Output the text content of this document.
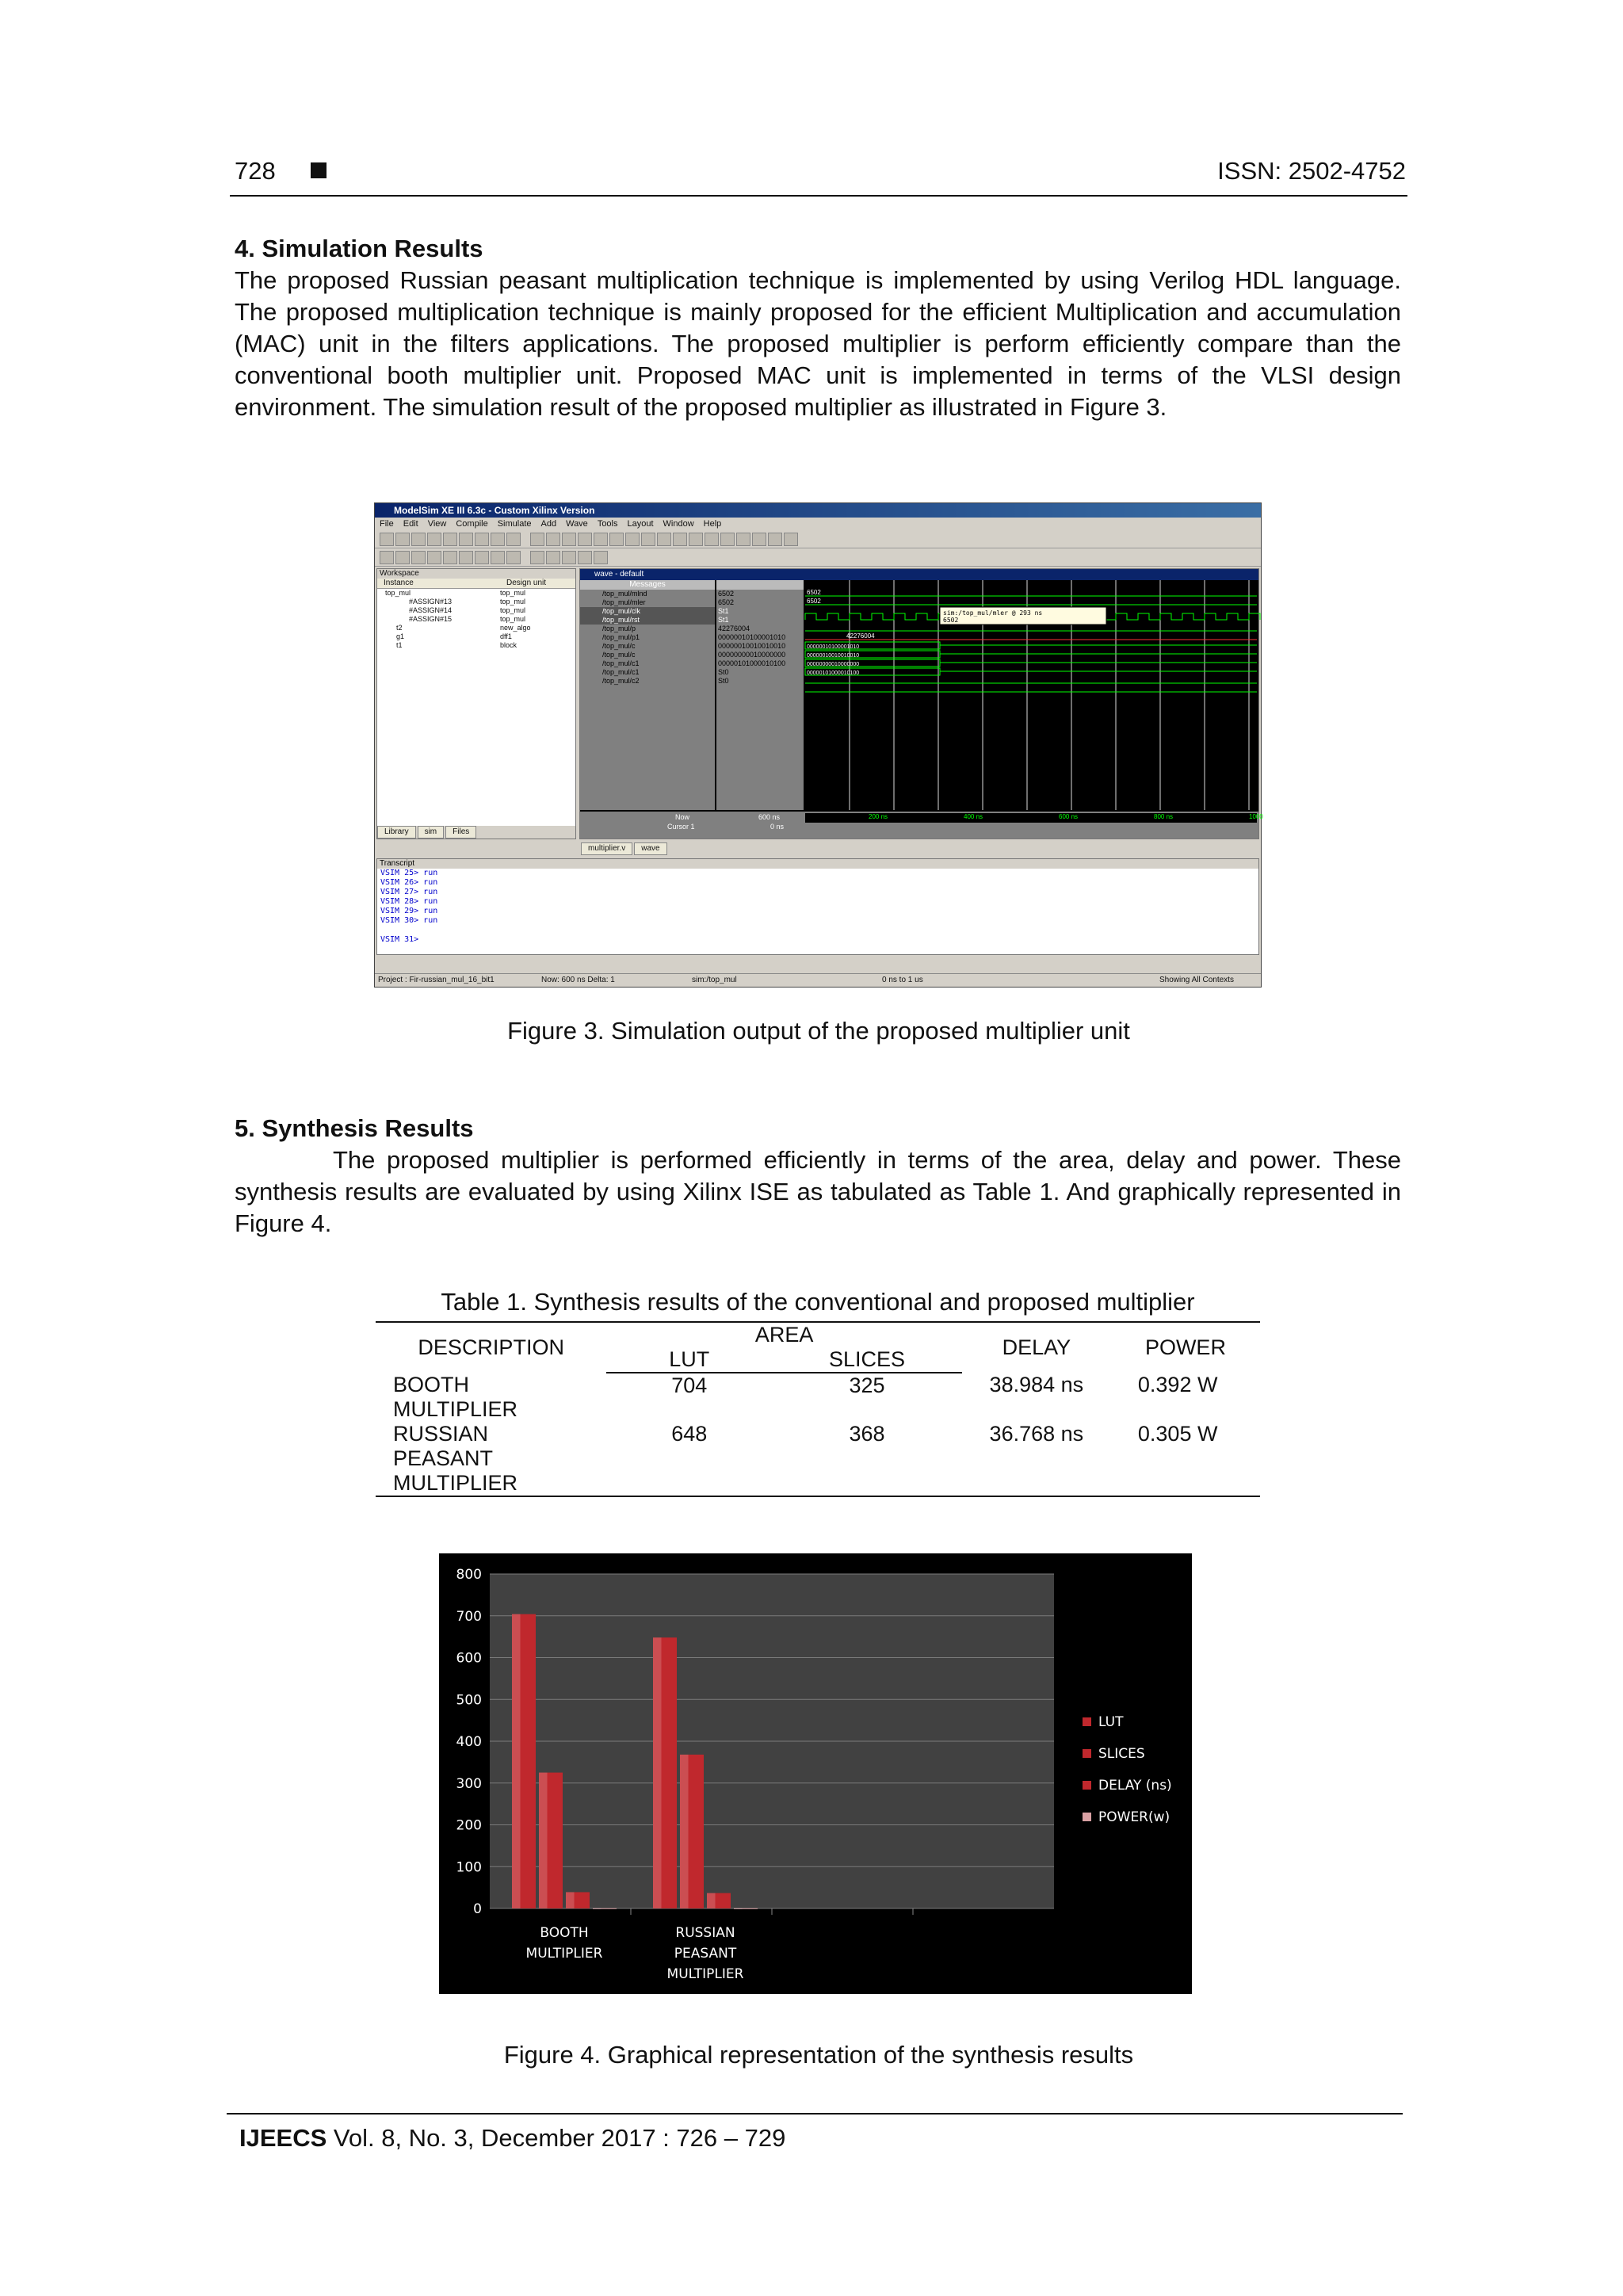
728	ISSN: 2502-4752
4. Simulation Results
The proposed Russian peasant multiplication technique is implemented by using Verilog HDL language. The proposed multiplication technique is mainly proposed for the efficient Multiplication and accumulation (MAC) unit in the filters applications. The proposed multiplier is perform efficiently compare than the conventional booth multiplier unit. Proposed MAC unit is implemented in terms of the VLSI design environment. The simulation result of the proposed multiplier as illustrated in Figure 3.
ModelSim XE III 6.3c - Custom Xilinx Version
File Edit View Compile Simulate Add Wave Tools Layout Window Help
Workspace
Instance	Design unit
top_mul	top_mul
#ASSIGN#13	top_mul
#ASSIGN#14	top_mul
#ASSIGN#15	top_mul
t2	new_algo
g1	dff1
t1	block
Library	sim	Files
wave - default
Messages
/top_mul/mlnd
/top_mul/mler
/top_mul/clk
/top_mul/rst
/top_mul/p
/top_mul/p1
/top_mul/c
/top_mul/c
/top_mul/c1
/top_mul/c1
/top_mul/c2
6502
6502
St1
St1
42276004
00000010100001010
00000010010010010
00000000010000000
00000101000010100
St0
St0
6502
6502
42276004
00000010100001010
00000010010010010
00000000010000000
00000101000010100
sim:/top_mul/mler @ 293 ns
6502
Now	600 ns
Cursor 1	0 ns
200 ns	400 ns	600 ns	800 ns	1000
multiplier.v	wave
Transcript
VSIM 25> run
VSIM 26> run
VSIM 27> run
VSIM 28> run
VSIM 29> run
VSIM 30> run

VSIM 31>
Project : Fir-russian_mul_16_bit1	Now: 600 ns Delta: 1	sim:/top_mul	0 ns to 1 us	Showing All Contexts
Figure 3. Simulation output of the proposed multiplier unit
5. Synthesis Results
The proposed multiplier is performed efficiently in terms of the area, delay and power. These synthesis results are evaluated by using Xilinx ISE as tabulated as Table 1. And graphically represented in Figure 4.
Table 1. Synthesis results of the conventional and proposed multiplier
DESCRIPTION	AREA		DELAY	POWER
	LUT	SLICES		
BOOTH
MULTIPLIER	704	325	38.984 ns	0.392 W
RUSSIAN
PEASANT
MULTIPLIER	648	368	36.768 ns	0.305 W
0
100
200
300
400
500
600
700
800
BOOTH
MULTIPLIER
RUSSIAN
PEASANT
MULTIPLIER
LUT
SLICES
DELAY (ns)
POWER(w)
Figure 4. Graphical representation of the synthesis results
IJEECS Vol. 8, No. 3, December 2017 : 726 – 729
